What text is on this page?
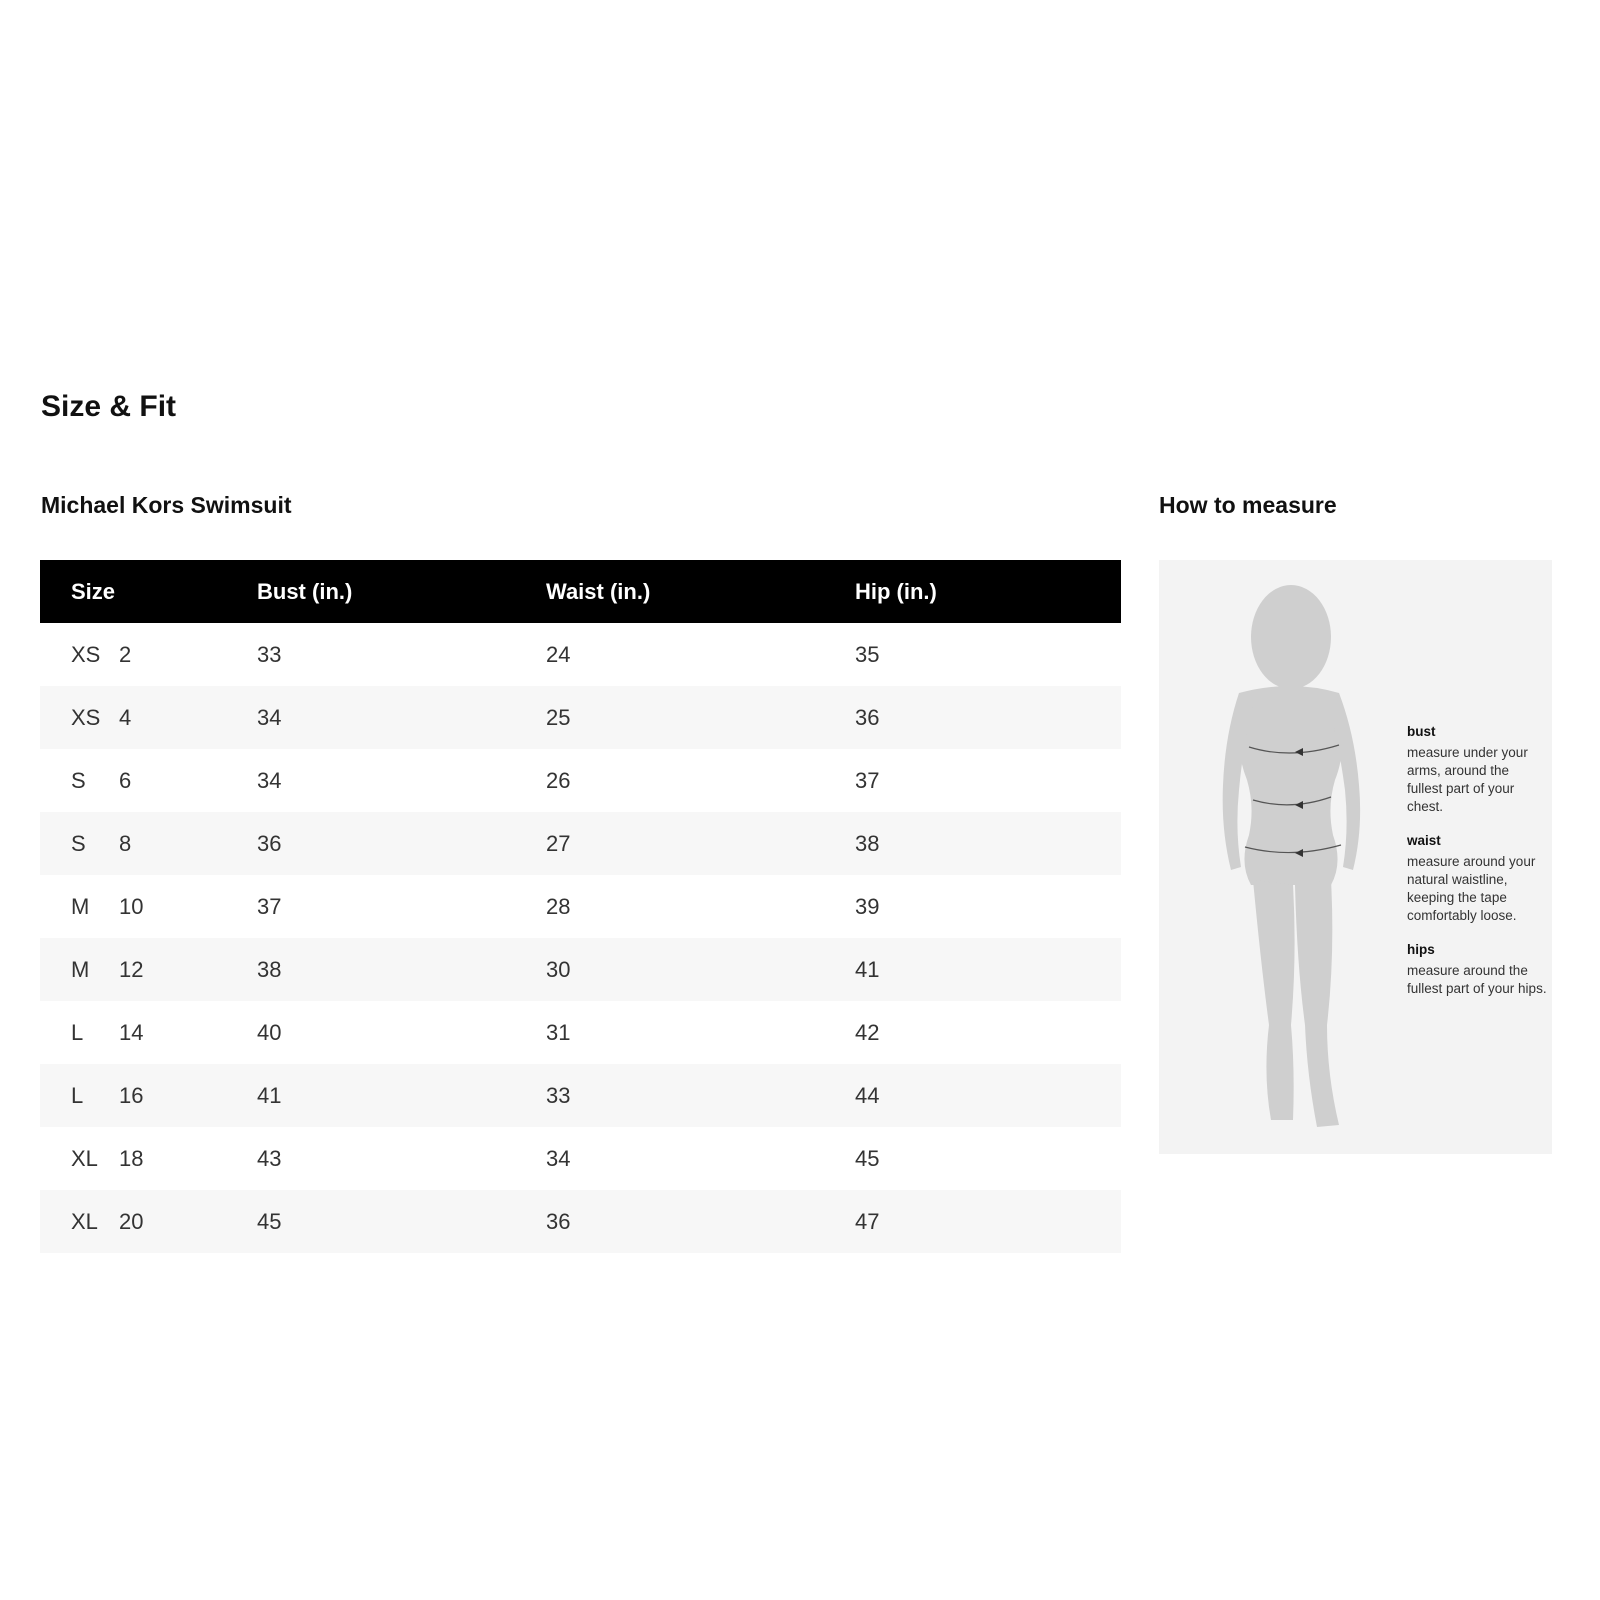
Size & Fit
Michael Kors Swimsuit	How to measure
Size		Bust (in.)	Waist (in.)	Hip (in.)
XS	2	33	24	35
XS	4	34	25	36
S	6	34	26	37
S	8	36	27	38
M	10	37	28	39
M	12	38	30	41
L	14	40	31	42
L	16	41	33	44
XL	18	43	34	45
XL	20	45	36	47
bust
measure under your arms, around the fullest part of your chest.
waist
measure around your natural waistline, keeping the tape comfortably loose.
hips
measure around the fullest part of your hips.
